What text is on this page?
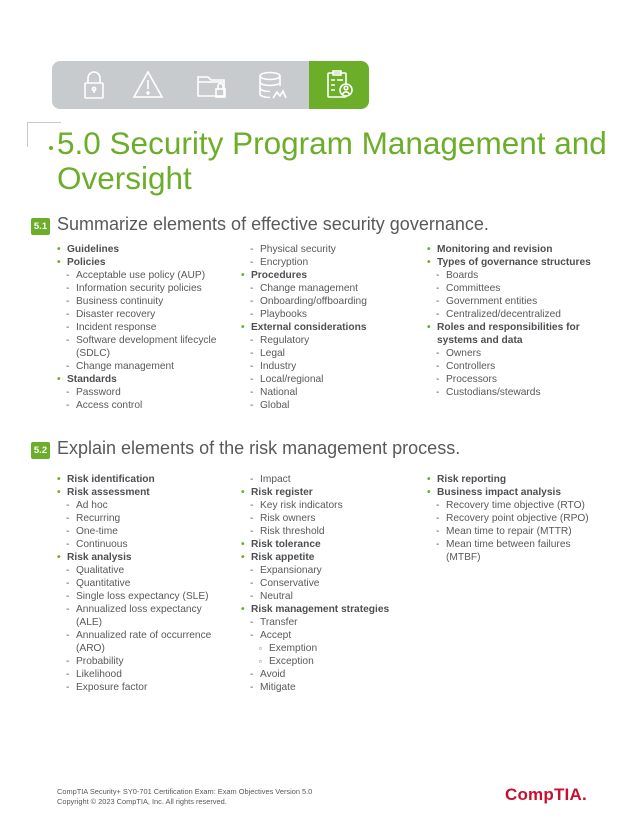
5.0 Security Program Management and Oversight
5.1 Summarize elements of effective security governance.
• Guidelines
• Policies
- Acceptable use policy (AUP)
- Information security policies
- Business continuity
- Disaster recovery
- Incident response
- Software development lifecycle
(SDLC)
- Change management
• Standards
- Password
- Access control
- Physical security
- Encryption
• Procedures
- Change management
- Onboarding/offboarding
- Playbooks
• External considerations
- Regulatory
- Legal
- Industry
- Local/regional
- National
- Global
• Monitoring and revision
• Types of governance structures
- Boards
- Committees
- Government entities
- Centralized/decentralized
• Roles and responsibilities for
systems and data
- Owners
- Controllers
- Processors
- Custodians/stewards
5.2 Explain elements of the risk management process.
• Risk identification
• Risk assessment
- Ad hoc
- Recurring
- One-time
- Continuous
• Risk analysis
- Qualitative
- Quantitative
- Single loss expectancy (SLE)
- Annualized loss expectancy
(ALE)
- Annualized rate of occurrence
(ARO)
- Probability
- Likelihood
- Exposure factor
- Impact
• Risk register
- Key risk indicators
- Risk owners
- Risk threshold
• Risk tolerance
• Risk appetite
- Expansionary
- Conservative
- Neutral
• Risk management strategies
- Transfer
- Accept
▫ Exemption
▫ Exception
- Avoid
- Mitigate
• Risk reporting
• Business impact analysis
- Recovery time objective (RTO)
- Recovery point objective (RPO)
- Mean time to repair (MTTR)
- Mean time between failures
(MTBF)
CompTIA Security+ SY0-701 Certification Exam: Exam Objectives Version 5.0
Copyright © 2023 CompTIA, Inc. All rights reserved.	CompTIA.
